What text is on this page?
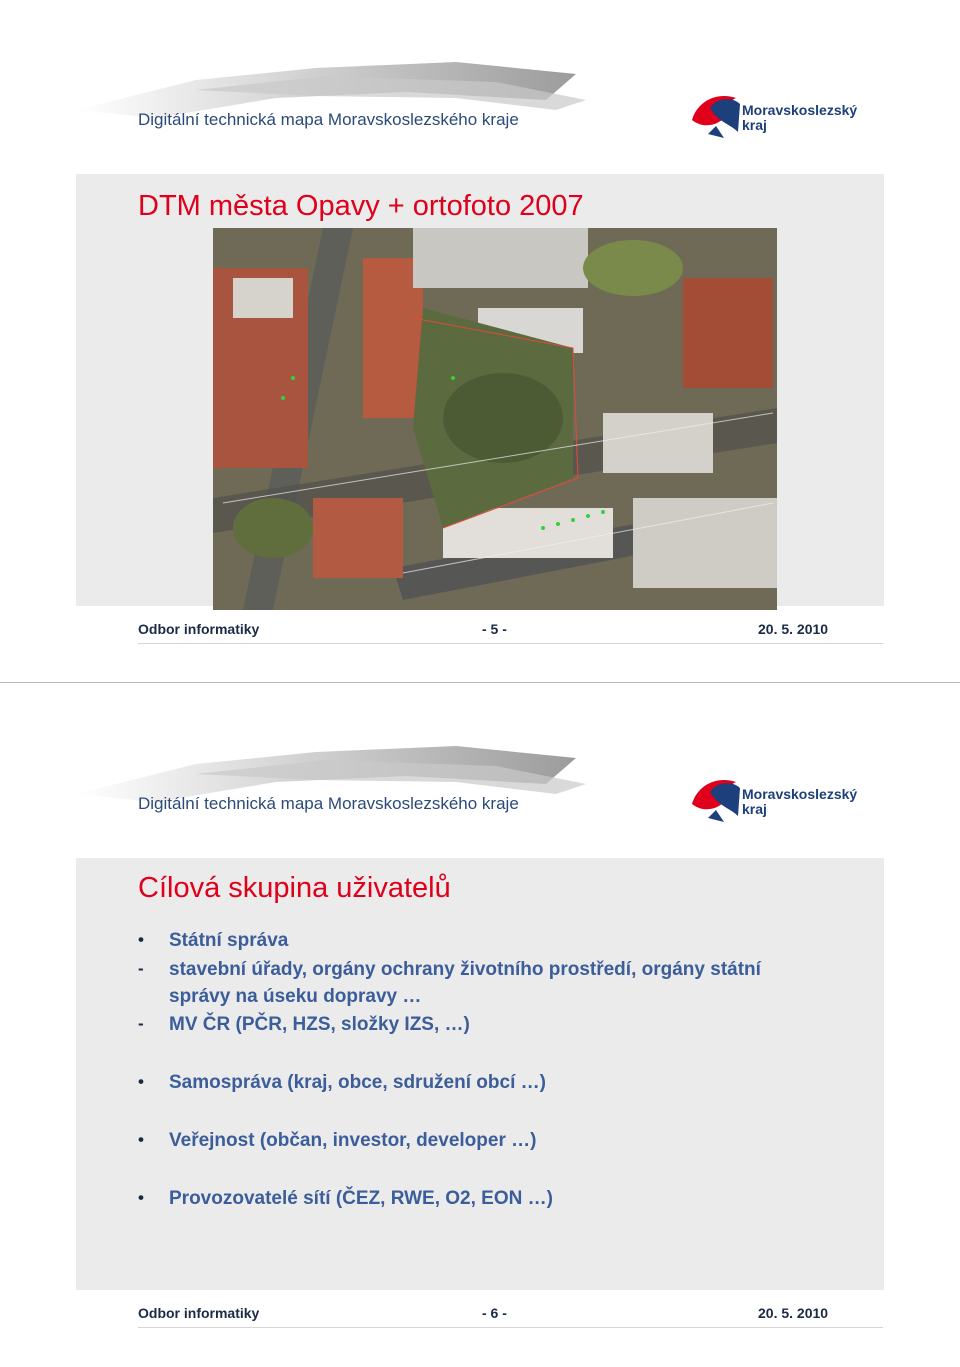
Digitální technická mapa Moravskoslezského kraje	Moravskoslezský
kraj
DTM města Opavy + ortofoto 2007
Odbor informatiky	- 5 -	20. 5. 2010
Digitální technická mapa Moravskoslezského kraje	Moravskoslezský
kraj
Cílová skupina uživatelů
•	Státní správa
-	stavební úřady, orgány ochrany životního prostředí, orgány státní
správy na úseku dopravy …
-	MV ČR (PČR, HZS, složky IZS, …)
•	Samospráva (kraj, obce, sdružení obcí …)
•	Veřejnost (občan, investor, developer …)
•	Provozovatelé sítí (ČEZ, RWE, O2, EON …)
Odbor informatiky	- 6 -	20. 5. 2010
